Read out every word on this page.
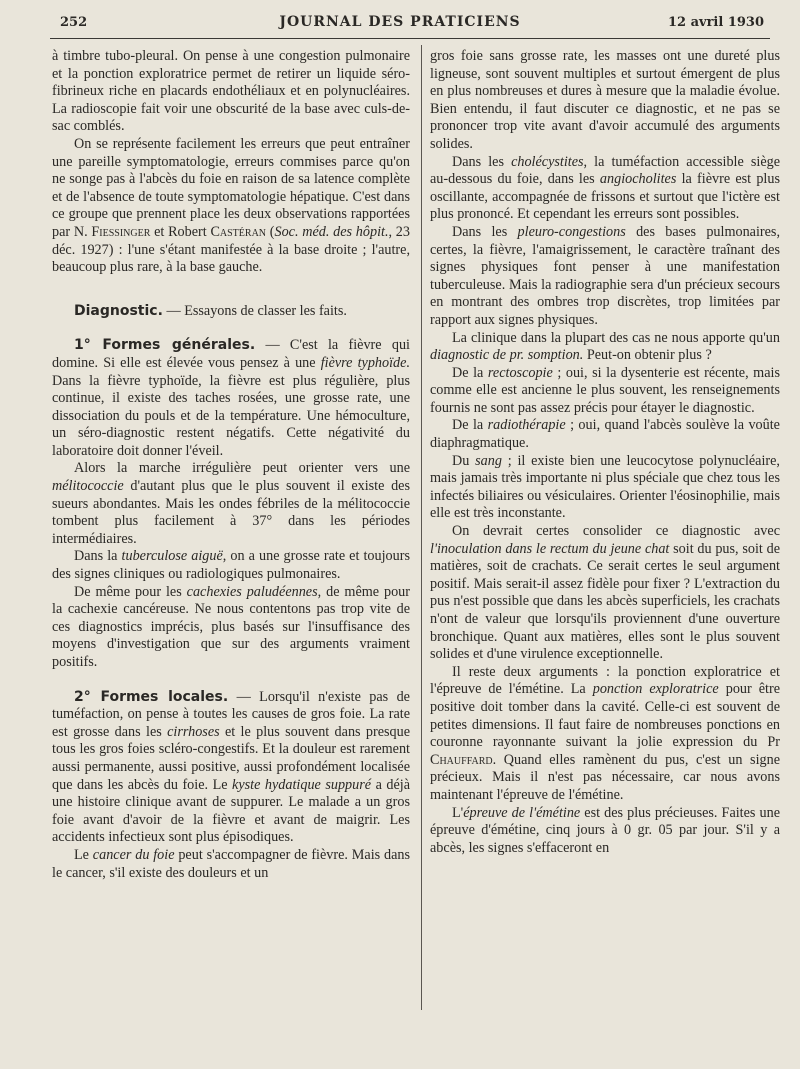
252	JOURNAL DES PRATICIENS	12 avril 1930

à timbre tubo-pleural. On pense à une congestion pulmonaire et la ponction exploratrice permet de retirer un liquide séro-fibrineux riche en placards endothéliaux et en polynucléaires. La radioscopie fait voir une obscurité de la base avec culs-de-sac comblés.

On se représente facilement les erreurs que peut entraîner une pareille symptomatologie, erreurs commises parce qu'on ne songe pas à l'abcès du foie en raison de sa latence complète et de l'absence de toute symptomatologie hépatique. C'est dans ce groupe que prennent place les deux observations rapportées par N. Fiessinger et Robert Castéran (Soc. méd. des hôpit., 23 déc. 1927) : l'une s'étant manifestée à la base droite ; l'autre, beaucoup plus rare, à la base gauche.

Diagnostic. — Essayons de classer les faits.

1° Formes générales. — C'est la fièvre qui domine. Si elle est élevée vous pensez à une fièvre typhoïde. Dans la fièvre typhoïde, la fièvre est plus régulière, plus continue, il existe des taches rosées, une grosse rate, une dissociation du pouls et de la température. Une hémoculture, un séro-diagnostic restent négatifs. Cette négativité du laboratoire doit donner l'éveil.

Alors la marche irrégulière peut orienter vers une mélitococcie d'autant plus que le plus souvent il existe des sueurs abondantes. Mais les ondes fébriles de la mélitococcie tombent plus facilement à 37° dans les périodes intermédiaires.

Dans la tuberculose aiguë, on a une grosse rate et toujours des signes cliniques ou radiologiques pulmonaires.

De même pour les cachexies paludéennes, de même pour la cachexie cancéreuse. Ne nous contentons pas trop vite de ces diagnostics imprécis, plus basés sur l'insuffisance des moyens d'investigation que sur des arguments vraiment positifs.

2° Formes locales. — Lorsqu'il n'existe pas de tuméfaction, on pense à toutes les causes de gros foie. La rate est grosse dans les cirrhoses et le plus souvent dans presque tous les gros foies scléro-congestifs. Et la douleur est rarement aussi permanente, aussi positive, aussi profondément localisée que dans les abcès du foie. Le kyste hydatique suppuré a déjà une histoire clinique avant de suppurer. Le malade a un gros foie avant d'avoir de la fièvre et avant de maigrir. Les accidents infectieux sont plus épisodiques.

Le cancer du foie peut s'accompagner de fièvre. Mais dans le cancer, s'il existe des douleurs et un

gros foie sans grosse rate, les masses ont une dureté plus ligneuse, sont souvent multiples et surtout émergent de plus en plus nombreuses et dures à mesure que la maladie évolue. Bien entendu, il faut discuter ce diagnostic, et ne pas se prononcer trop vite avant d'avoir accumulé des arguments solides.

Dans les cholécystites, la tuméfaction accessible siège au-dessous du foie, dans les angiocholites la fièvre est plus oscillante, accompagnée de frissons et surtout que l'ictère est plus prononcé. Et cependant les erreurs sont possibles.

Dans les pleuro-congestions des bases pulmonaires, certes, la fièvre, l'amaigrissement, le caractère traînant des signes physiques font penser à une manifestation tuberculeuse. Mais la radiographie sera d'un précieux secours en montrant des ombres trop discrètes, trop limitées par rapport aux signes physiques.

La clinique dans la plupart des cas ne nous apporte qu'un diagnostic de pr. somption. Peut-on obtenir plus ?

De la rectoscopie ; oui, si la dysenterie est récente, mais comme elle est ancienne le plus souvent, les renseignements fournis ne sont pas assez précis pour étayer le diagnostic.

De la radiothérapie ; oui, quand l'abcès soulève la voûte diaphragmatique.

Du sang ; il existe bien une leucocytose polynucléaire, mais jamais très importante ni plus spéciale que chez tous les infectés biliaires ou vésiculaires. Orienter l'éosinophilie, mais elle est très inconstante.

On devrait certes consolider ce diagnostic avec l'inoculation dans le rectum du jeune chat soit du pus, soit de matières, soit de crachats. Ce serait certes le seul argument positif. Mais serait-il assez fidèle pour fixer ? L'extraction du pus n'est possible que dans les abcès superficiels, les crachats n'ont de valeur que lorsqu'ils proviennent d'une ouverture bronchique. Quant aux matières, elles sont le plus souvent solides et d'une virulence exceptionnelle.

Il reste deux arguments : la ponction exploratrice et l'épreuve de l'émétine. La ponction exploratrice pour être positive doit tomber dans la cavité. Celle-ci est souvent de petites dimensions. Il faut faire de nombreuses ponctions en couronne rayonnante suivant la jolie expression du Pr Chauffard. Quand elles ramènent du pus, c'est un signe précieux. Mais il n'est pas nécessaire, car nous avons maintenant l'épreuve de l'émétine.

L'épreuve de l'émétine est des plus précieuses. Faites une épreuve d'émétine, cinq jours à 0 gr. 05 par jour. S'il y a abcès, les signes s'effaceront en
